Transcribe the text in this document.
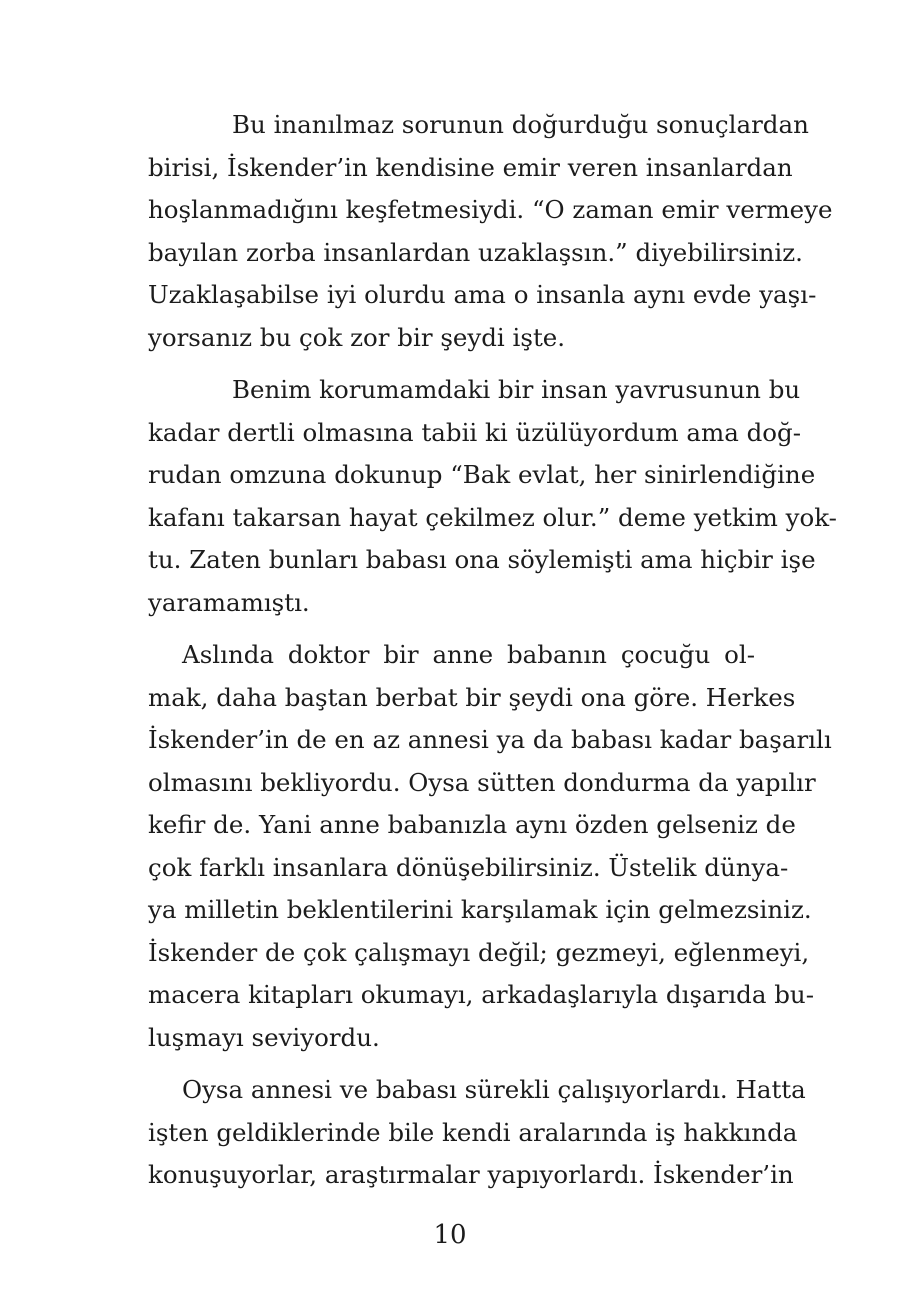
Bu inanılmaz sorunun doğurduğu sonuçlardan
birisi, İskender’in kendisine emir veren insanlardan
hoşlanmadığını keşfetmesiydi. “O zaman emir vermeye
bayılan zorba insanlardan uzaklaşsın.” diyebilirsiniz.
Uzaklaşabilse iyi olurdu ama o insanla aynı evde yaşı-
yorsanız bu çok zor bir şeydi işte.
Benim korumamdaki bir insan yavrusunun bu
kadar dertli olmasına tabii ki üzülüyordum ama doğ-
rudan omzuna dokunup “Bak evlat, her sinirlendiğine
kafanı takarsan hayat çekilmez olur.” deme yetkim yok-
tu. Zaten bunları babası ona söylemişti ama hiçbir işe
yaramamıştı.
Aslında doktor bir anne babanın çocuğu ol-
mak, daha baştan berbat bir şeydi ona göre. Herkes
İskender’in de en az annesi ya da babası kadar başarılı
olmasını bekliyordu. Oysa sütten dondurma da yapılır
kefir de. Yani anne babanızla aynı özden gelseniz de
çok farklı insanlara dönüşebilirsiniz. Üstelik dünya-
ya milletin beklentilerini karşılamak için gelmezsiniz.
İskender de çok çalışmayı değil; gezmeyi, eğlenmeyi,
macera kitapları okumayı, arkadaşlarıyla dışarıda bu-
luşmayı seviyordu.
Oysa annesi ve babası sürekli çalışıyorlardı. Hatta
işten geldiklerinde bile kendi aralarında iş hakkında
konuşuyorlar, araştırmalar yapıyorlardı. İskender’in
10
